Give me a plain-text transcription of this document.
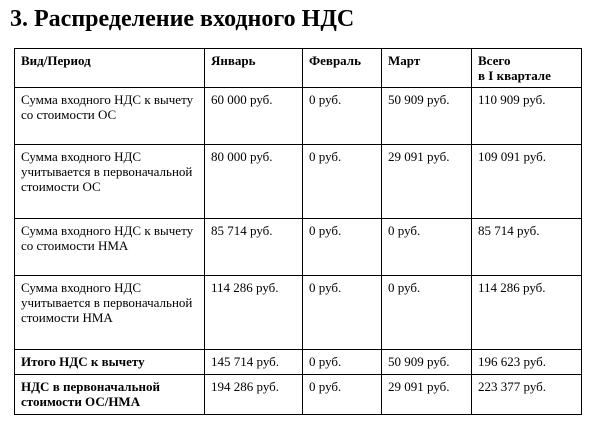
3. Распределение входного НДС
Вид/Период	Январь	Февраль	Март	Всего
в I квартале

Сумма входного НДС к вычету со стоимости ОС	60 000 руб.	0 руб.	50 909 руб.	110 909 руб.
Сумма входного НДС учитывается в первоначальной стоимости ОС	80 000 руб.	0 руб.	29 091 руб.	109 091 руб.
Сумма входного НДС к вычету со стоимости НМА	85 714 руб.	0 руб.	0 руб.	85 714 руб.
Сумма входного НДС учитывается в первоначальной стоимости НМА	114 286 руб.	0 руб.	0 руб.	114 286 руб.
Итого НДС к вычету	145 714 руб.	0 руб.	50 909 руб.	196 623 руб.
НДС в первоначальной стоимости ОС/НМА	194 286 руб.	0 руб.	29 091 руб.	223 377 руб.
